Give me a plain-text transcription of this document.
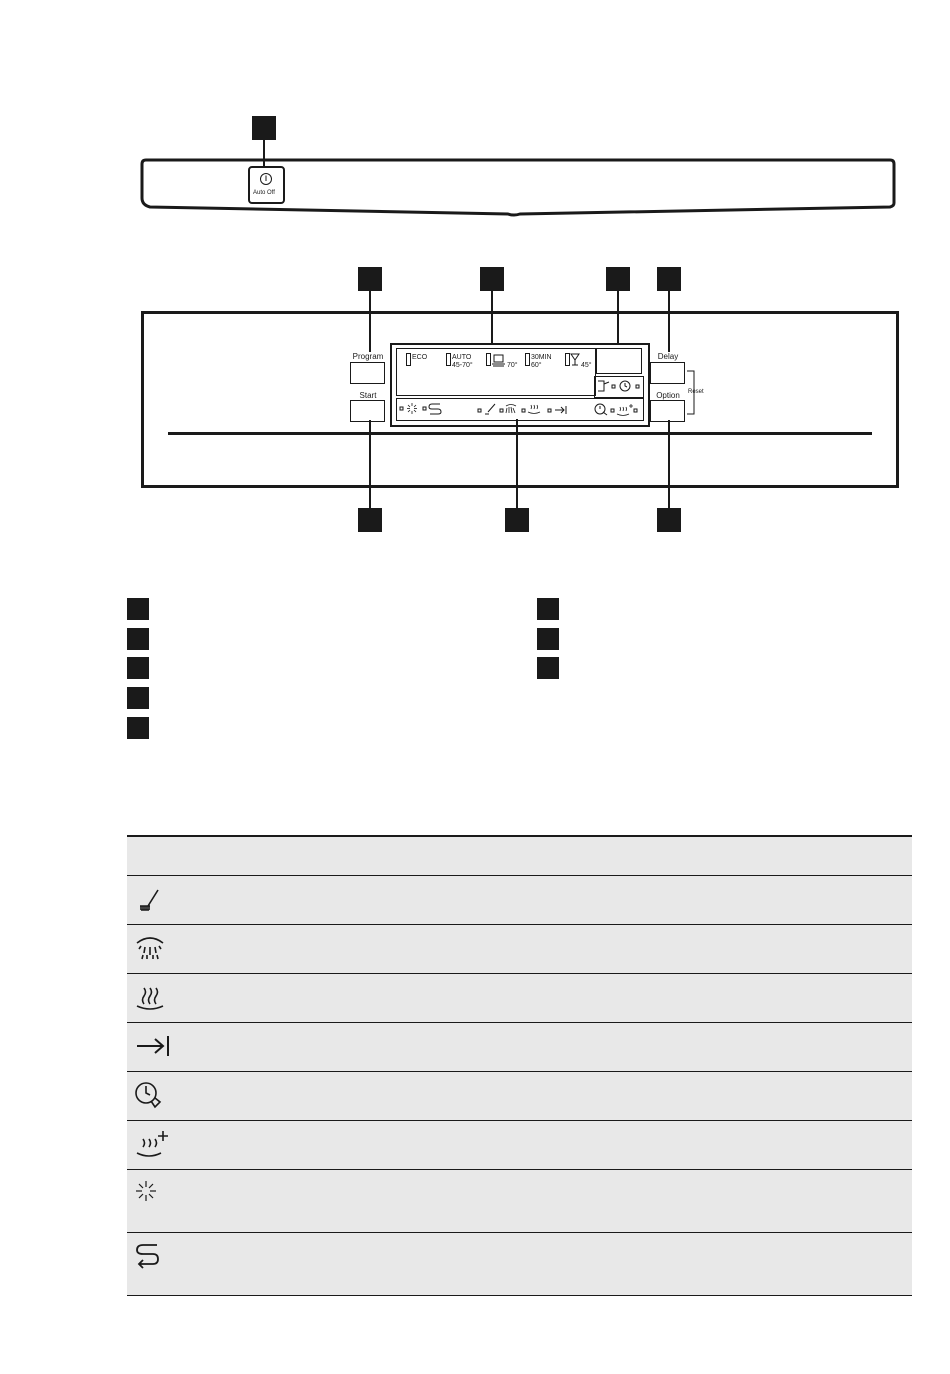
Auto Off
Program
Start
Delay
Option Reset
ECO	AUTO
45-70°	70°
30MIN
60°	45°
